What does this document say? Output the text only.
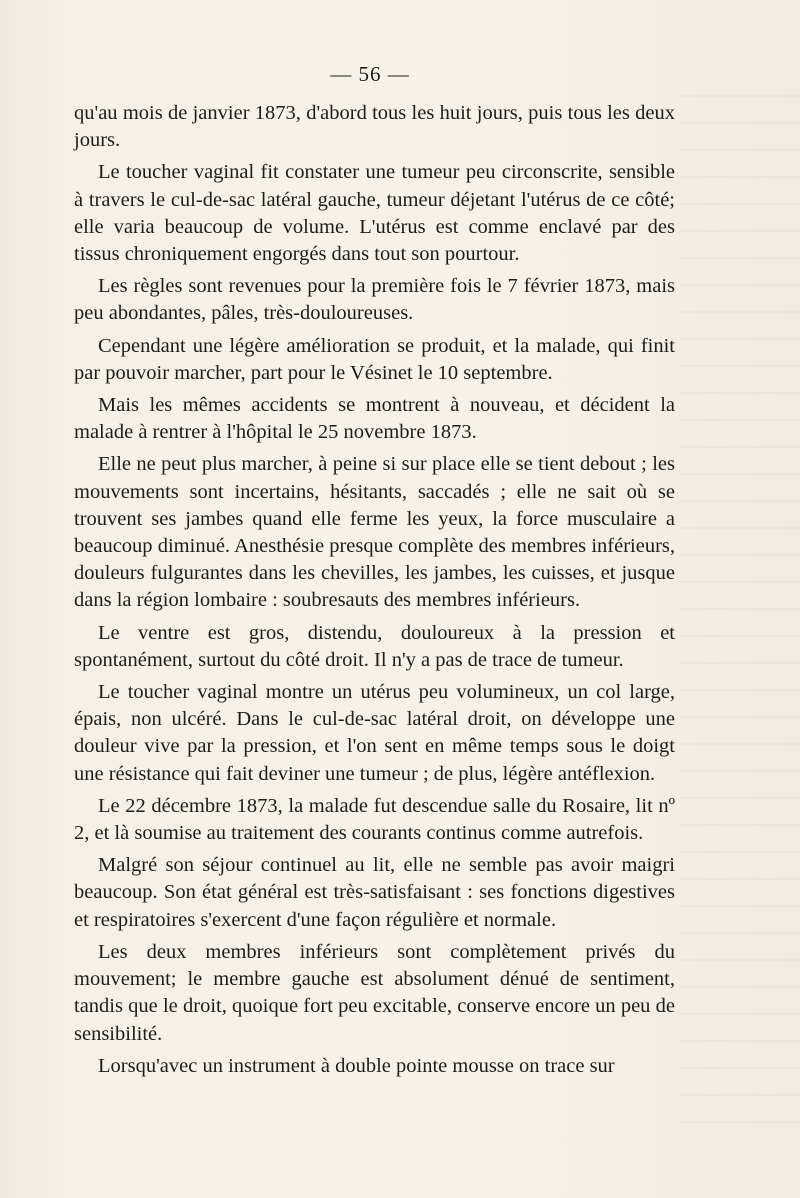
— 56 —

qu'au mois de janvier 1873, d'abord tous les huit jours, puis tous les deux jours.

Le toucher vaginal fit constater une tumeur peu circonscrite, sensible à travers le cul-de-sac latéral gauche, tumeur déjetant l'utérus de ce côté; elle varia beaucoup de volume. L'utérus est comme enclavé par des tissus chroniquement engorgés dans tout son pourtour.

Les règles sont revenues pour la première fois le 7 février 1873, mais peu abondantes, pâles, très-douloureuses.

Cependant une légère amélioration se produit, et la malade, qui finit par pouvoir marcher, part pour le Vésinet le 10 septembre.

Mais les mêmes accidents se montrent à nouveau, et décident la malade à rentrer à l'hôpital le 25 novembre 1873.

Elle ne peut plus marcher, à peine si sur place elle se tient debout ; les mouvements sont incertains, hésitants, saccadés ; elle ne sait où se trouvent ses jambes quand elle ferme les yeux, la force musculaire a beaucoup diminué. Anesthésie presque complète des membres inférieurs, douleurs fulgurantes dans les chevilles, les jambes, les cuisses, et jusque dans la région lombaire : soubresauts des membres inférieurs.

Le ventre est gros, distendu, douloureux à la pression et spontanément, surtout du côté droit. Il n'y a pas de trace de tumeur.

Le toucher vaginal montre un utérus peu volumineux, un col large, épais, non ulcéré. Dans le cul-de-sac latéral droit, on développe une douleur vive par la pression, et l'on sent en même temps sous le doigt une résistance qui fait deviner une tumeur ; de plus, légère antéflexion.

Le 22 décembre 1873, la malade fut descendue salle du Rosaire, lit nº 2, et là soumise au traitement des courants continus comme autrefois.

Malgré son séjour continuel au lit, elle ne semble pas avoir maigri beaucoup. Son état général est très-satisfaisant : ses fonctions digestives et respiratoires s'exercent d'une façon régulière et normale.

Les deux membres inférieurs sont complètement privés du mouvement; le membre gauche est absolument dénué de sentiment, tandis que le droit, quoique fort peu excitable, conserve encore un peu de sensibilité.

Lorsqu'avec un instrument à double pointe mousse on trace sur
